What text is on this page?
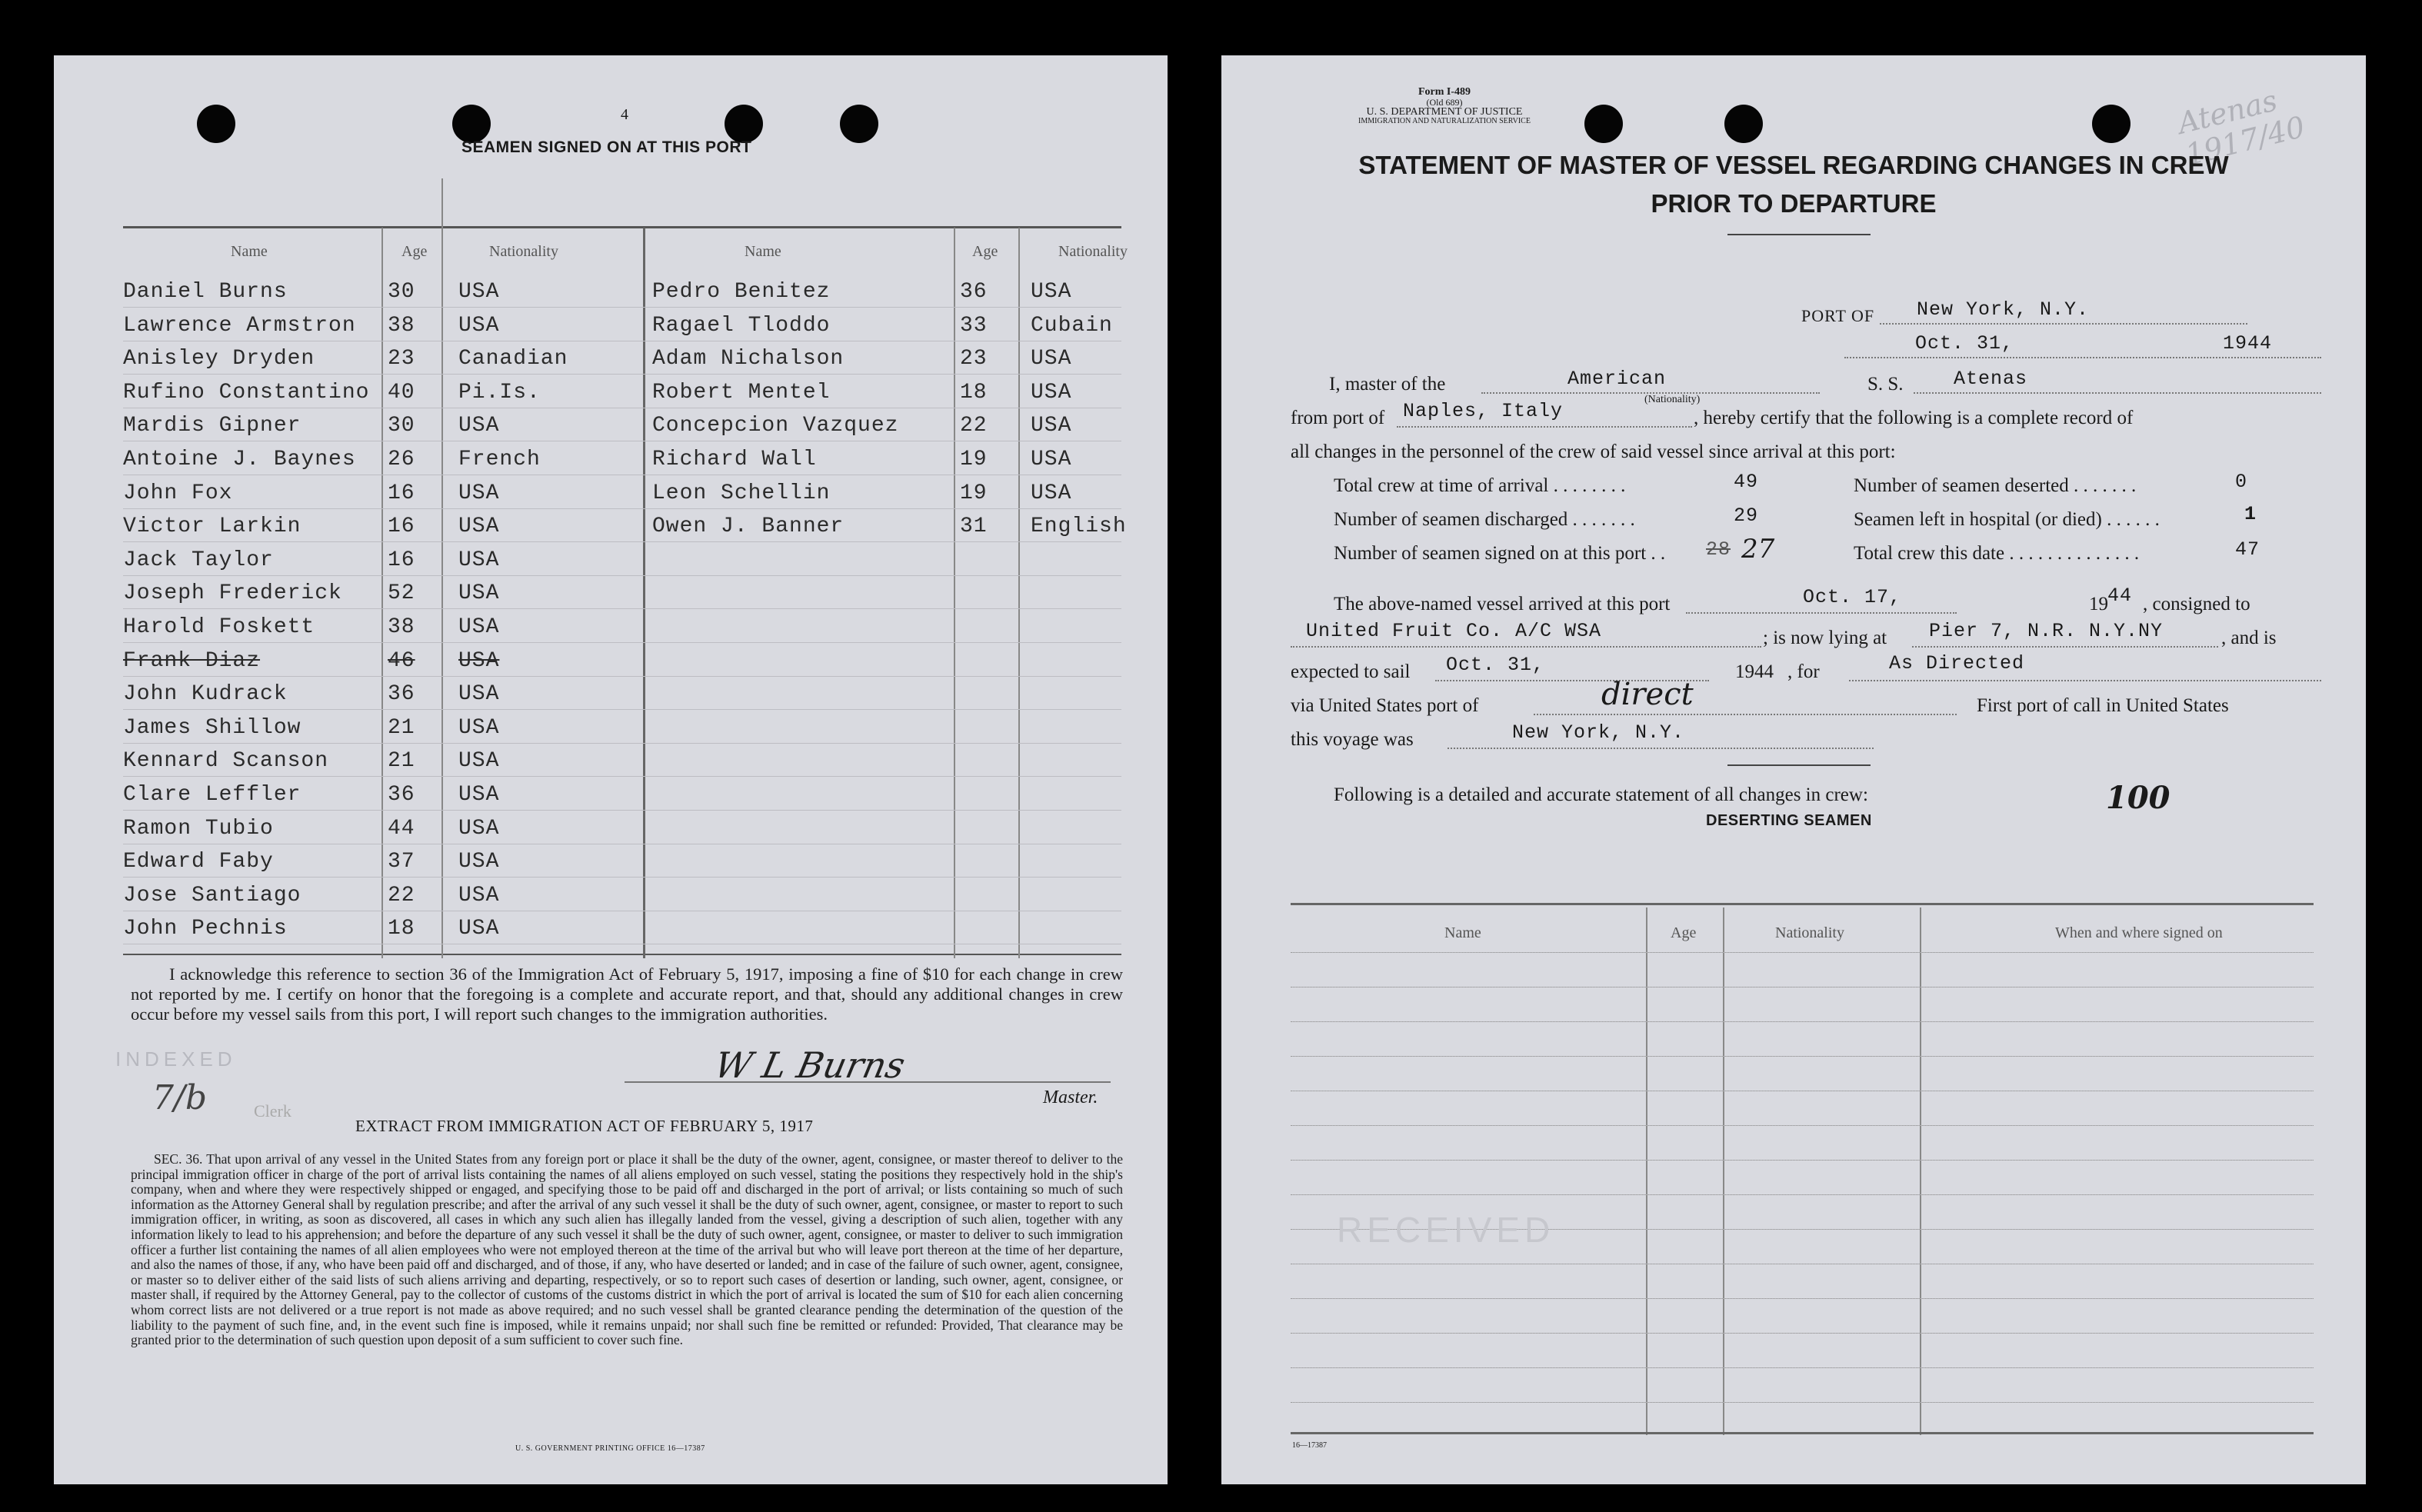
4
SEAMEN SIGNED ON AT THIS PORT
Name	Age	Nationality	Name	Age	Nationality
Daniel Burns	30 USA
Lawrence Armstron 38 USA
Anisley Dryden	23 Canadian
Rufino Constantino 40 Pi.Is.
Mardis Gipner	30 USA
Antoine J. Baynes 26 French
John Fox	16 USA
Victor Larkin	16 USA
Jack Taylor	16 USA
Joseph Frederick 52 USA
Harold Foskett	38 USA
Frank Diaz	46 USA
John Kudrack	36 USA
James Shillow	21 USA
Kennard Scanson	21 USA
Clare Leffler	36 USA
Ramon Tubio	44 USA
Edward Faby	37 USA
Jose Santiago	22 USA
John Pechnis	18 USA
Pedro Benitez	36 USA
Ragael Tloddo	33 Cubain
Adam Nichalson	23 USA
Robert Mentel	18 USA
Concepcion Vazquez	22 USA
Richard Wall	19 USA
Leon Schellin	19 USA
Owen J. Banner	31 English
I acknowledge this reference to section 36 of the Immigration Act of February 5, 1917, imposing a fine of $10 for each change in crew not reported by me. I certify on honor that the foregoing is a complete and accurate report, and that, should any additional changes in crew occur before my vessel sails from this port, I will report such changes to the immigration authorities.
INDEXED
7/b	Clerk
W L Burns
Master.
EXTRACT FROM IMMIGRATION ACT OF FEBRUARY 5, 1917
SEC. 36. That upon arrival of any vessel in the United States from any foreign port or place it shall be the duty of the owner, agent, consignee, or master thereof to deliver to the principal immigration officer in charge of the port of arrival lists containing the names of all aliens employed on such vessel, stating the positions they respectively hold in the ship's company, when and where they were respectively shipped or engaged, and specifying those to be paid off and discharged in the port of arrival; or lists containing so much of such information as the Attorney General shall by regulation prescribe; and after the arrival of any such vessel it shall be the duty of such owner, agent, consignee, or master to report to such immigration officer, in writing, as soon as discovered, all cases in which any such alien has illegally landed from the vessel, giving a description of such alien, together with any information likely to lead to his apprehension; and before the departure of any such vessel it shall be the duty of such owner, agent, consignee, or master to deliver to such immigration officer a further list containing the names of all alien employees who were not employed thereon at the time of the arrival but who will leave port thereon at the time of her departure, and also the names of those, if any, who have been paid off and discharged, and of those, if any, who have deserted or landed; and in case of the failure of such owner, agent, consignee, or master so to deliver either of the said lists of such aliens arriving and departing, respectively, or so to report such cases of desertion or landing, such owner, agent, consignee, or master shall, if required by the Attorney General, pay to the collector of customs of the customs district in which the port of arrival is located the sum of $10 for each alien concerning whom correct lists are not delivered or a true report is not made as above required; and no such vessel shall be granted clearance pending the determination of the question of the liability to the payment of such fine, and, in the event such fine is imposed, while it remains unpaid; nor shall such fine be remitted or refunded: Provided, That clearance may be granted prior to the determination of such question upon deposit of a sum sufficient to cover such fine.
U. S. GOVERNMENT PRINTING OFFICE 16—17387
Form I-489
(Old 689)
U. S. DEPARTMENT OF JUSTICE
IMMIGRATION AND NATURALIZATION SERVICE	Atenas 1917/40
STATEMENT OF MASTER OF VESSEL REGARDING CHANGES IN CREW
PRIOR TO DEPARTURE
PORT OF New York, N.Y.
Oct. 31,	1944
I, master of the	American
(Nationality)
S. S.	Atenas
from port of Naples, Italy	, hereby certify that the following is a complete record of
all changes in the personnel of the crew of said vessel since arrival at this port:
Total crew at time of arrival . . . . . . . .	49	Number of seamen deserted . . . . . . .	0
Number of seamen discharged . . . . . . .	29	Seamen left in hospital (or died) . . . . . .	1
Number of seamen signed on at this port . . 28 27	Total crew this date . . . . . . . . . . . . . .	47
The above-named vessel arrived at this port	Oct. 17,	19 44 , consigned to
United Fruit Co. A/C WSA	; is now lying at Pier 7, N.R. N.Y.NY	, and is
expected to sail Oct. 31,	1944 , for	As Directed
via United States port of	direct	First port of call in United States
this voyage was	New York, N.Y.
Following is a detailed and accurate statement of all changes in crew:	100
DESERTING SEAMEN
Name	Age	Nationality	When and where signed on
RECEIVED
16—17387
